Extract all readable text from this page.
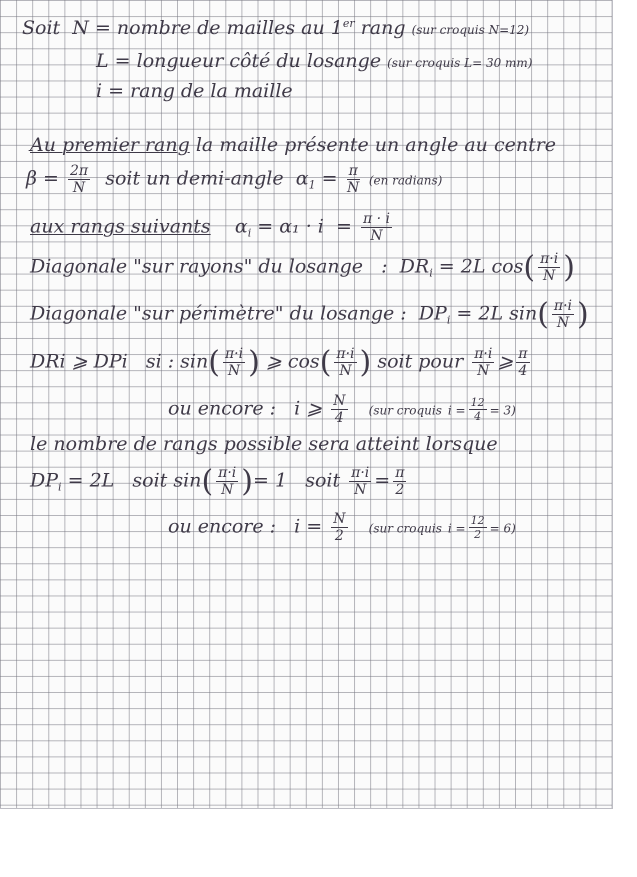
Soit N = nombre de mailles au 1er rang (sur croquis N=12)
L = longueur côté du losange (sur croquis L= 30 mm)
i = rang de la maille
Au premier rang la maille présente un angle au centre
$\beta = \frac{2\pi}{N}$ soit un demi-angle $\alpha_1 = \frac{\pi}{N} (en$ radians)
aux rangs suivants $\alpha_i = \alpha_1 \cdot i = \frac{\pi \cdot i}{N}$
Diagonale "sur rayons" du losange : $DR_i = 2L$ $\cos( \frac{\pi\cdot i}{N}$ )
Diagonale "sur périmètre" du losange : $DP_i = 2L$ $\sin( \frac{\pi\cdot i}{N}$ )
DRi ⩾ DPi si : $\sin( \frac{\pi\cdot i}{N}$ ) ⩾ $\cos( \frac{\pi\cdot i}{N}$ ) soit pour $\frac{\pi\cdot i}{N}$ ⩾ $\frac{\pi}{4}$
ou encore : i ⩾ $\frac{N}{4} (sur$ croquis $i = \frac{12}{4} = 3$)
le nombre de rangs possible sera atteint lorsque
$DP_i = 2L$ soit $\sin( \frac{\pi\cdot i}{N}$ )= 1 soit $\frac{\pi\cdot i}{N} = \frac{\pi}{2}$
ou encore : $i = \frac{N}{2} (sur$ croquis $i = \frac{12}{2} = 6$)
